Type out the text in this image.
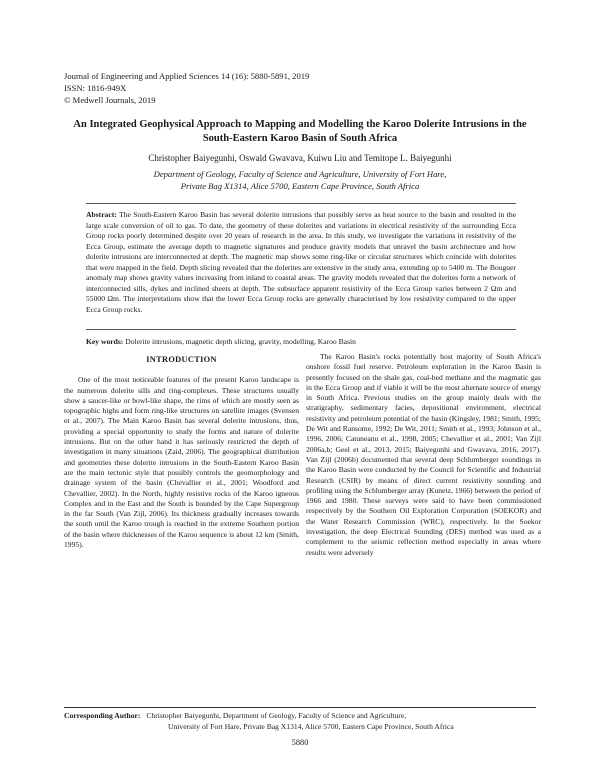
Journal of Engineering and Applied Sciences 14 (16): 5880-5891, 2019
ISSN: 1816-949X
© Medwell Journals, 2019
An Integrated Geophysical Approach to Mapping and Modelling the Karoo Dolerite Intrusions in the South-Eastern Karoo Basin of South Africa
Christopher Baiyegunhi, Oswald Gwavava, Kuiwu Liu and Temitope L. Baiyegunhi
Department of Geology, Faculty of Science and Agriculture, University of Fort Hare,
Private Bag X1314, Alice 5700, Eastern Cape Province, South Africa
Abstract: The South-Eastern Karoo Basin has several dolerite intrusions that possibly serve as heat source to the basin and resulted in the large scale conversion of oil to gas. To date, the geometry of these dolerites and variations in electrical resistivity of the surrounding Ecca Group rocks poorly determined despite over 20 years of research in the area. In this study, we investigate the variations in resistivity of the Ecca Group, estimate the average depth to magnetic signatures and produce gravity models that unravel the basin architecture and how dolerite intrusions are interconnected at depth. The magnetic map shows some ring-like or circular structures which coincide with dolerites that were mapped in the field. Depth slicing revealed that the dolerites are extensive in the study area, extending up to 5400 m. The Bouguer anomaly map shows gravity values increasing from inland to coastal areas. The gravity models revealed that the dolerites form a network of interconnected sills, dykes and inclined sheets at depth. The subsurface apparent resistivity of the Ecca Group varies between 2 Ωm and 55000 Ωm. The interpretations show that the lower Ecca Group rocks are generally characterised by low resistivity compared to the upper Ecca Group rocks.
Key words: Dolerite intrusions, magnetic depth slicing, gravity, modelling, Karoo Basin
INTRODUCTION

One of the most noticeable features of the present Karoo landscape is the numerous dolerite sills and ring-complexes. These structures usually show a saucer-like or bowl-like shape, the rims of which are mostly seen as topographic highs and form ring-like structures on satellite images (Svensen et al., 2007). The Main Karoo Basin has several dolerite intrusions, thus, providing a special opportunity to study the forms and nature of dolerite intrusions. But on the other hand it has seriously restricted the depth of investigation in many situations (Zaid, 2006). The geographical distribution and geometries these dolerite intrusions in the South-Eastern Karoo Basin are the main tectonic style that possibly controls the geomorphology and drainage system of the basin (Chevallier et al., 2001; Woodford and Chevallier, 2002). In the North, highly resistive rocks of the Karoo igneous Complex and in the East and the South is bounded by the Cape Supergroup in the far South (Van Zijl, 2006). Its thickness gradually increases towards the south until the Karoo trough is reached in the extreme Southern portion of the basin where thicknesses of the Karoo sequence is about 12 km (Smith, 1995).

The Karoo Basin's rocks potentially host majority of South Africa's onshore fossil fuel reserve. Petroleum exploration in the Karoo Basin is presently focused on the shale gas, coal-bed methane and the magmatic gas in the Ecca Group and if viable it will be the most alternate source of energy in South Africa. Previous studies on the group mainly deals with the stratigraphy, sedimentary facies, depositional environment, electrical resistivity and petroleum potential of the basin (Kingsley, 1981; Smith, 1995; De Wit and Ransome, 1992; De Wit, 2011; Smith et al., 1993; Johnson et al., 1996, 2006; Catuneanu et al., 1998, 2005; Chevallier et al., 2001; Van Zijl 2006a,b; Geel et al., 2013, 2015; Baiyegunhi and Gwavava, 2016, 2017). Van Zijl (2006b) documented that several deep Schlumberger soundings in the Karoo Basin were conducted by the Council for Scientific and Industrial Research (CSIR) by means of direct current resistivity sounding and profiling using the Schlumberger array (Kunetz, 1966) between the period of 1966 and 1980. These surveys were said to have been commissioned respectively by the Southern Oil Exploration Corporation (SOEKOR) and the Water Research Commission (WRC), respectively. In the Soekor investigation, the deep Electrical Sounding (DES) method was used as a complement to the seismic reflection method especially in areas where results were adversely

Corresponding Author: Christopher Baiyegunhi, Department of Geology, Faculty of Science and Agriculture,
University of Fort Hare, Private Bag X1314, Alice 5700, Eastern Cape Province, South Africa
5880
